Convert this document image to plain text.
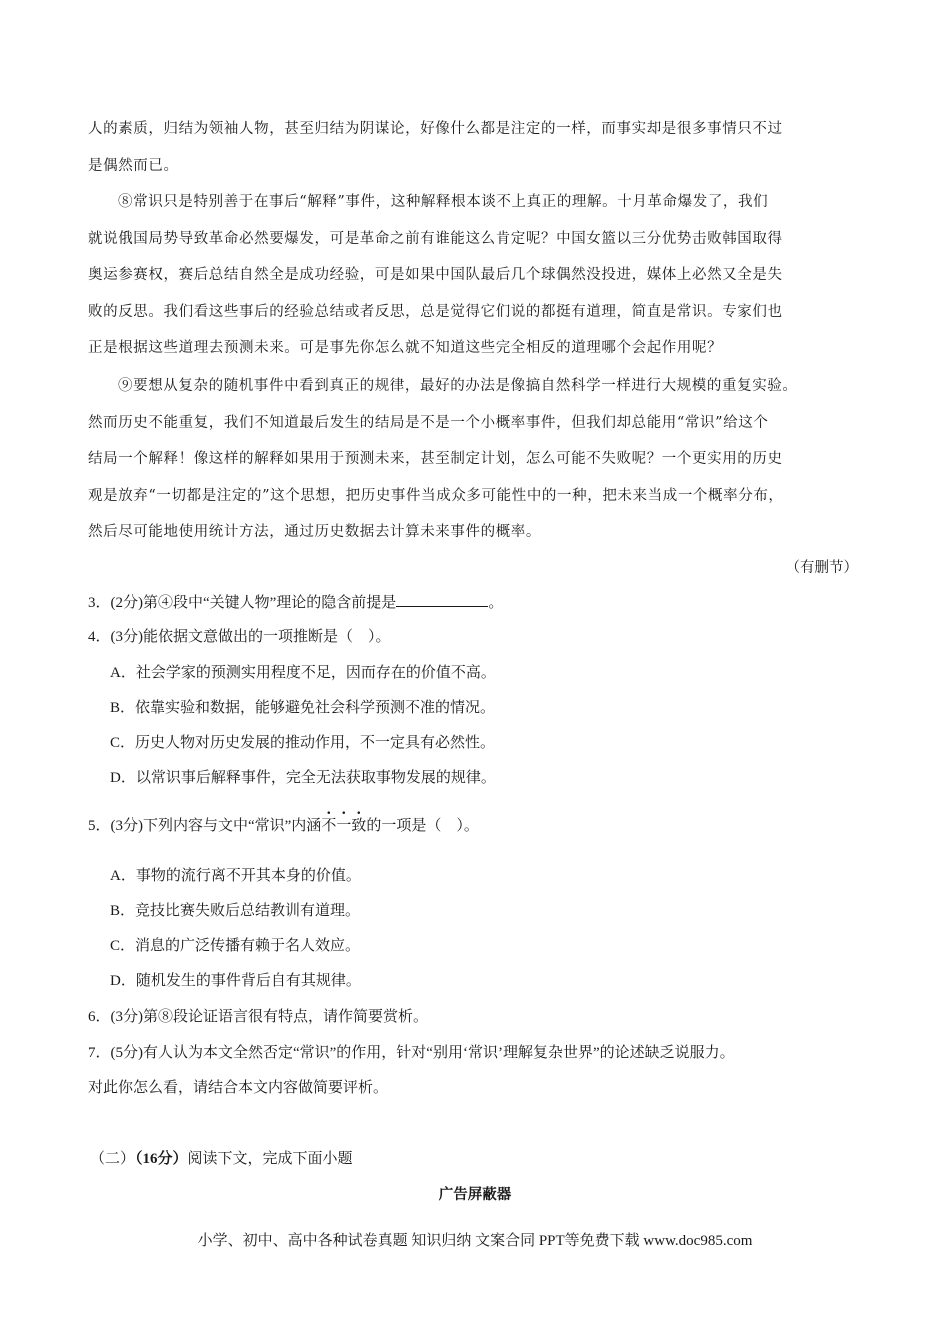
人的素质，归结为领袖人物，甚至归结为阴谋论，好像什么都是注定的一样，而事实却是很多事情只不过
是偶然而已。
⑧常识只是特别善于在事后“解释”事件，这种解释根本谈不上真正的理解。十月革命爆发了，我们
就说俄国局势导致革命必然要爆发，可是革命之前有谁能这么肯定呢？中国女篮以三分优势击败韩国取得
奥运参赛权，赛后总结自然全是成功经验，可是如果中国队最后几个球偶然没投进，媒体上必然又全是失
败的反思。我们看这些事后的经验总结或者反思，总是觉得它们说的都挺有道理，简直是常识。专家们也
正是根据这些道理去预测未来。可是事先你怎么就不知道这些完全相反的道理哪个会起作用呢？
⑨要想从复杂的随机事件中看到真正的规律，最好的办法是像搞自然科学一样进行大规模的重复实验。
然而历史不能重复，我们不知道最后发生的结局是不是一个小概率事件，但我们却总能用“常识”给这个
结局一个解释！像这样的解释如果用于预测未来，甚至制定计划，怎么可能不失败呢？一个更实用的历史
观是放弃“一切都是注定的”这个思想，把历史事件当成众多可能性中的一种，把未来当成一个概率分布，
然后尽可能地使用统计方法，通过历史数据去计算未来事件的概率。
（有删节）
3．(2分)第④段中“关键人物”理论的隐含前提是	。
4．(3分)能依据文意做出的一项推断是（　）。
A．社会学家的预测实用程度不足，因而存在的价值不高。
B．依靠实验和数据，能够避免社会科学预测不准的情况。
C．历史人物对历史发展的推动作用，不一定具有必然性。
D．以常识事后解释事件，完全无法获取事物发展的规律。
5．(3分)下列内容与文中“常识”内涵不一致的一项是（　）。
A．事物的流行离不开其本身的价值。
B．竞技比赛失败后总结教训有道理。
C．消息的广泛传播有赖于名人效应。
D．随机发生的事件背后自有其规律。
6．(3分)第⑧段论证语言很有特点，请作简要赏析。
7．(5分)有人认为本文全然否定“常识”的作用，针对“别用‘常识’理解复杂世界”的论述缺乏说服力。
对此你怎么看，请结合本文内容做简要评析。
（二）（16分）阅读下文，完成下面小题
广告屏蔽器
小学、初中、高中各种试卷真题 知识归纳 文案合同 PPT等免费下载 www.doc985.com
